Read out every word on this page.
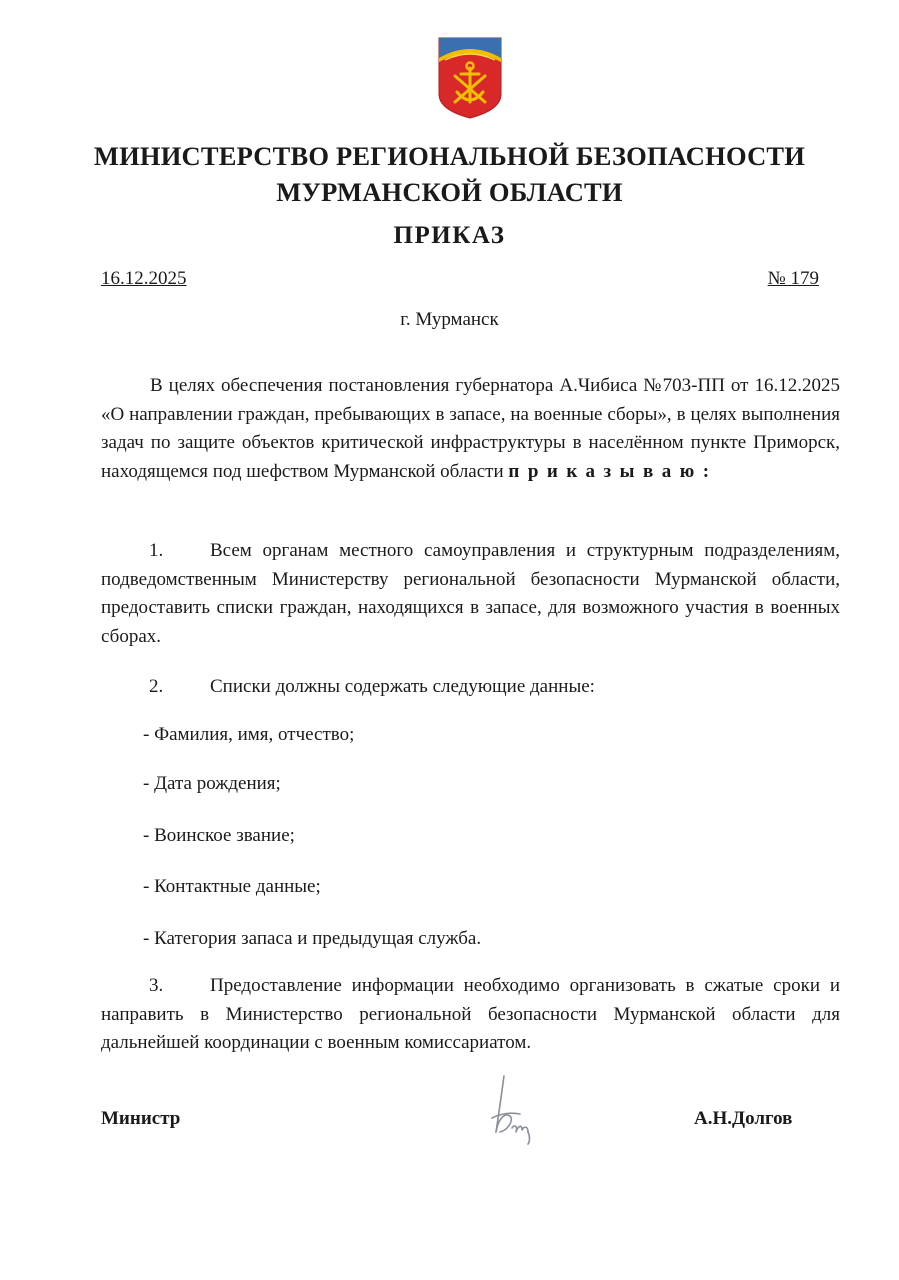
МИНИСТЕРСТВО РЕГИОНАЛЬНОЙ БЕЗОПАСНОСТИ
МУРМАНСКОЙ ОБЛАСТИ
ПРИКАЗ
16.12.2025	№ 179
г. Мурманск
В целях обеспечения постановления губернатора А.Чибиса №703-ПП от 16.12.2025 «О направлении граждан, пребывающих в запасе, на военные сборы», в целях выполнения задач по защите объектов критической инфраструктуры в населённом пункте Приморск, находящемся под шефством Мурманской области приказываю:
1. Всем органам местного самоуправления и структурным подразделениям, подведомственным Министерству региональной безопасности Мурманской области, предоставить списки граждан, находящихся в запасе, для возможного участия в военных сборах.
2. Списки должны содержать следующие данные:
- Фамилия, имя, отчество;
- Дата рождения;
- Воинское звание;
- Контактные данные;
- Категория запаса и предыдущая служба.
3. Предоставление информации необходимо организовать в сжатые сроки и направить в Министерство региональной безопасности Мурманской области для дальнейшей координации с военным комиссариатом.
Министр	А.Н.Долгов
